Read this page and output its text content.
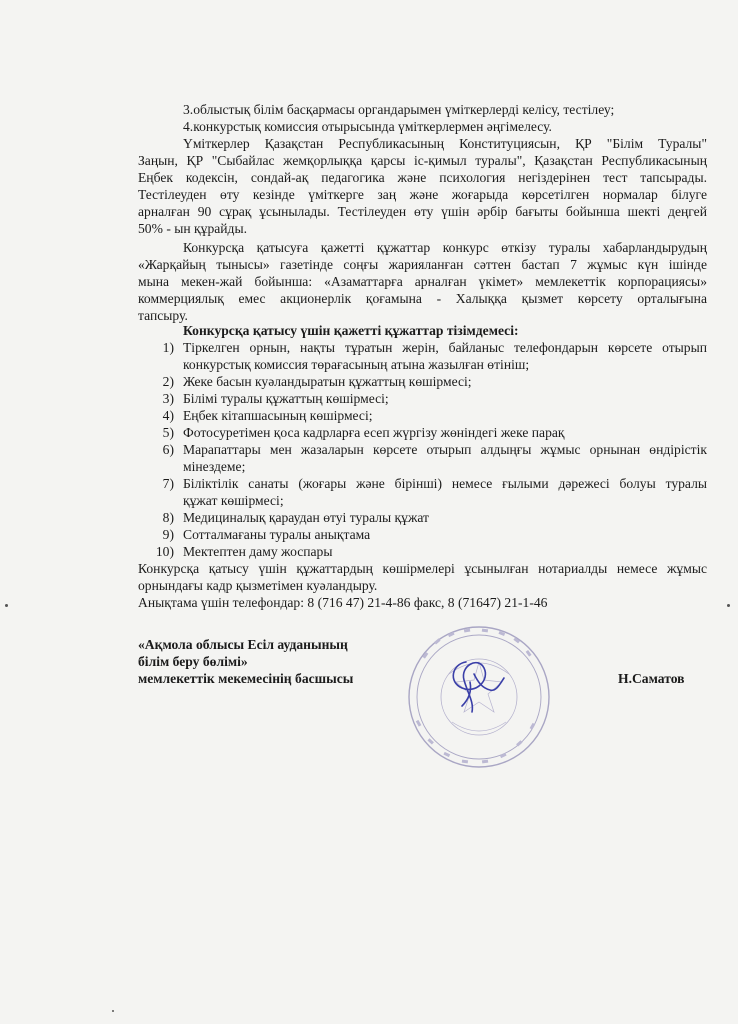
3.облыстық білім басқармасы органдарымен үміткерлерді келісу, тестілеу;
4.конкурстық комиссия отырысында үміткерлермен әңгімелесу.
Үміткерлер Қазақстан Республикасының Конституциясын, ҚР "Білім Туралы"
Заңын, ҚР "Сыбайлас жемқорлыққа қарсы іс-қимыл туралы", Қазақстан Республикасының
Еңбек кодексін, сондай-ақ педагогика және психология негіздерінен тест тапсырады.
Тестілеуден өту кезінде үміткерге заң және жоғарыда көрсетілген нормалар білуге
арналған 90 сұрақ ұсынылады. Тестілеуден өту үшін әрбір бағыты бойынша шекті деңгей
50% - ын құрайды.
Конкурсқа қатысуға қажетті құжаттар конкурс өткізу туралы хабарландырудың
«Жарқайың тынысы» газетінде соңғы жарияланған сәттен бастап 7 жұмыс күн ішінде
мына мекен-жай бойынша: «Азаматтарға арналған үкімет» мемлекеттік корпорациясы»
коммерциялық емес акционерлік қоғамына - Халыққа қызмет көрсету орталығына
тапсыру.
Конкурсқа қатысу үшін қажетті құжаттар тізімдемесі:
1) Тіркелген орнын, нақты тұратын жерін, байланыс телефондарын көрсете отырып
конкурстық комиссия төрағасының атына жазылған өтініш;
2) Жеке басын куәландыратын құжаттың көшірмесі;
3) Білімі туралы құжаттың көшірмесі;
4) Еңбек кітапшасының көшірмесі;
5) Фотосуретімен қоса кадрларға есеп жүргізу жөніндегі жеке парақ
6) Марапаттары мен жазаларын көрсете отырып алдыңғы жұмыс орнынан өндірістік
мінездеме;
7) Біліктілік санаты (жоғары және бірінші) немесе ғылыми дәрежесі болуы туралы
құжат көшірмесі;
8) Медициналық қараудан өтуі туралы құжат
9) Сотталмағаны туралы анықтама
10) Мектептен даму жоспары
Конкурсқа қатысу үшін құжаттардың көшірмелері ұсынылған нотариалды немесе жұмыс
орнындағы кадр қызметімен куәландыру.
Анықтама үшін телефондар: 8 (716 47) 21-4-86 факс, 8 (71647) 21-1-46
«Ақмола облысы Есіл ауданының
білім беру бөлімі»
мемлекеттік мекемесінің басшысы	Н.Саматов
